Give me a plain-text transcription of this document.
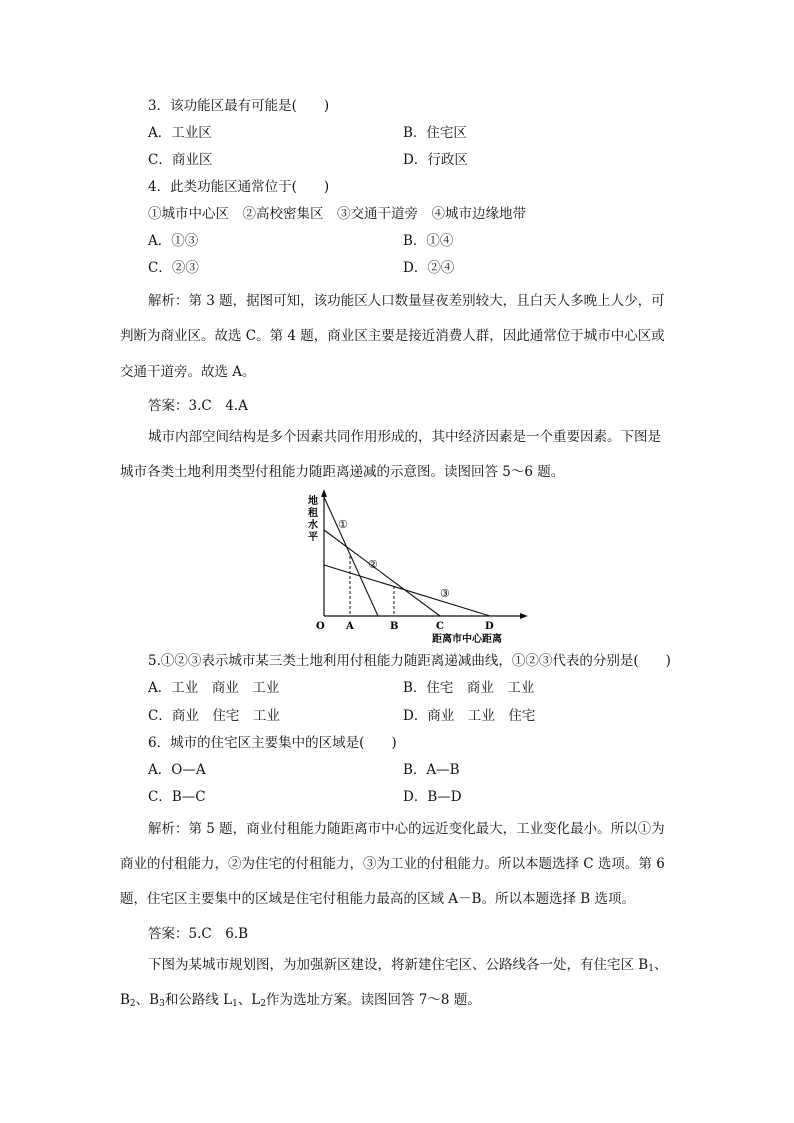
3．该功能区最有可能是(　　)
A．工业区	B．住宅区
C．商业区	D．行政区
4．此类功能区通常位于(　　)
①城市中心区　②高校密集区　③交通干道旁　④城市边缘地带
A．①③	B．①④
C．②③	D．②④
解析：第 3 题，据图可知，该功能区人口数量昼夜差别较大，且白天人多晚上人少，可
判断为商业区。故选 C。第 4 题，商业区主要是接近消费人群，因此通常位于城市中心区或
交通干道旁。故选 A。
答案：3.C　4.A
城市内部空间结构是多个因素共同作用形成的，其中经济因素是一个重要因素。下图是
城市各类土地利用类型付租能力随距离递减的示意图。读图回答 5～6 题。
地
租
水
平
①
②
③
O A	B	C	D
距离市中心距离
5.①②③表示城市某三类土地利用付租能力随距离递减曲线，①②③代表的分别是(　　)
A．工业　商业　工业	B．住宅　商业　工业
C．商业　住宅　工业	D．商业　工业　住宅
6．城市的住宅区主要集中的区域是(　　)
A．O—A	B．A—B
C．B—C	D．B—D
解析：第 5 题，商业付租能力随距离市中心的远近变化最大，工业变化最小。所以①为
商业的付租能力，②为住宅的付租能力，③为工业的付租能力。所以本题选择 C 选项。第 6
题，住宅区主要集中的区域是住宅付租能力最高的区域 A－B。所以本题选择 B 选项。
答案：5.C　6.B
下图为某城市规划图，为加强新区建设，将新建住宅区、公路线各一处，有住宅区 $B_1$、
$B_2$、$B_3$和公路线 $L_1$、$L_2$作为选址方案。读图回答 7～8 题。
